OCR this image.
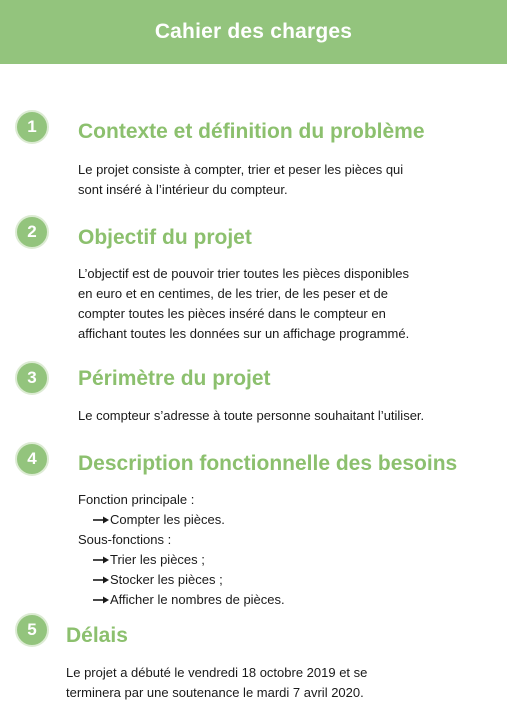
Cahier des charges
1	Contexte et définition du problème

Le projet consiste à compter, trier et peser les pièces qui
sont inséré à l’intérieur du compteur.

2	Objectif du projet

L’objectif est de pouvoir trier toutes les pièces disponibles
en euro et en centimes, de les trier, de les peser et de
compter toutes les pièces inséré dans le compteur en
affichant toutes les données sur un affichage programmé.

3	Périmètre du projet

Le compteur s’adresse à toute personne souhaitant l’utiliser.

4	Description fonctionnelle des besoins
Fonction principale :
Compter les pièces.
Sous-fonctions :
Trier les pièces ;
Stocker les pièces ;
Afficher le nombres de pièces.
5	Délais

Le projet a débuté le vendredi 18 octobre 2019 et se
terminera par une soutenance le mardi 7 avril 2020.
